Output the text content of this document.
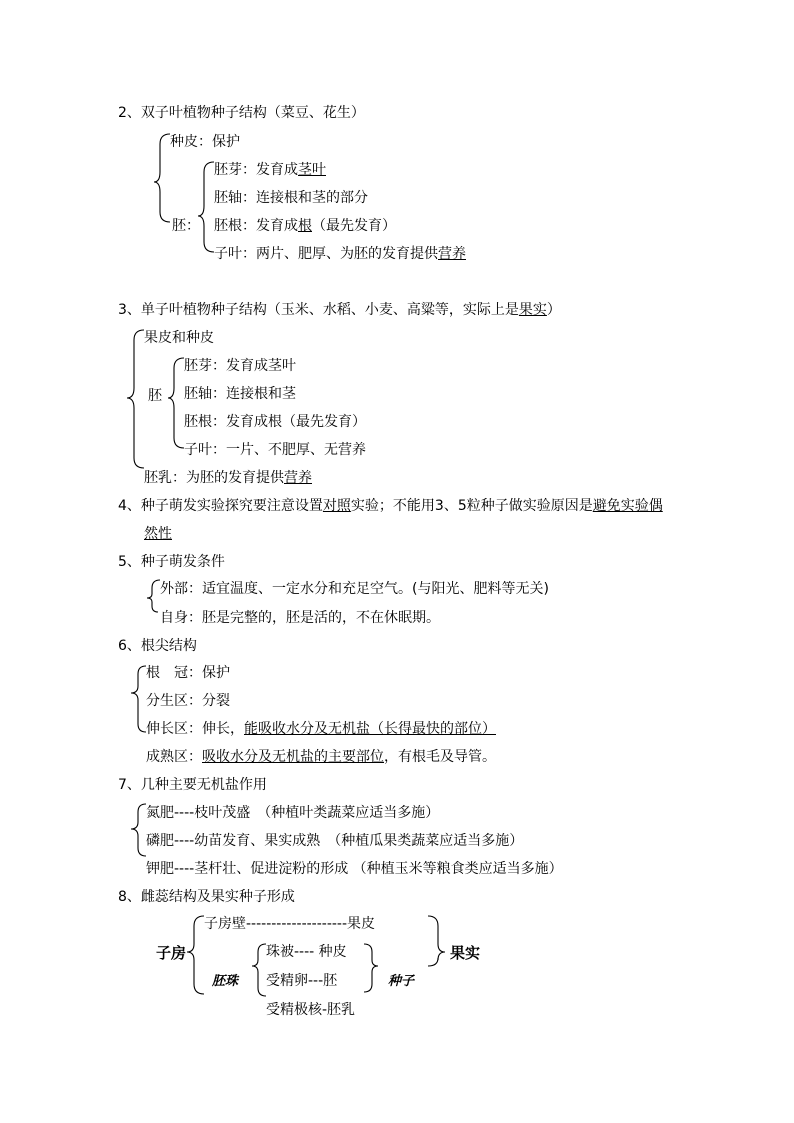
2、双子叶植物种子结构（菜豆、花生）
种皮：保护
胚芽：发育成茎叶
胚轴：连接根和茎的部分
胚： 胚根：发育成根（最先发育）
子叶：两片、肥厚、为胚的发育提供营养
3、单子叶植物种子结构（玉米、水稻、小麦、高粱等，实际上是果实）
果皮和种皮
胚
胚芽：发育成茎叶
胚轴：连接根和茎
胚根：发育成根（最先发育）
子叶：一片、不肥厚、无营养
胚乳：为胚的发育提供营养
4、种子萌发实验探究要注意设置对照实验；不能用3、5粒种子做实验原因是避免实验偶
然性
5、种子萌发条件
外部：适宜温度、一定水分和充足空气。(与阳光、肥料等无关)
自身：胚是完整的，胚是活的，不在休眠期。
6、根尖结构
根　冠：保护
分生区：分裂
伸长区：伸长，能吸收水分及无机盐（长得最快的部位）
成熟区：吸收水分及无机盐的主要部位，有根毛及导管。
7、几种主要无机盐作用
氮肥----枝叶茂盛　（种植叶类蔬菜应适当多施）
磷肥----幼苗发育、果实成熟　（种植瓜果类蔬菜应适当多施）
钾肥----茎杆壮、促进淀粉的形成 （种植玉米等粮食类应适当多施）
8、雌蕊结构及果实种子形成
子房
子房壁--------------------果皮
果实
胚珠
珠被---- 种皮
受精卵---胚	种子
受精极核-胚乳
